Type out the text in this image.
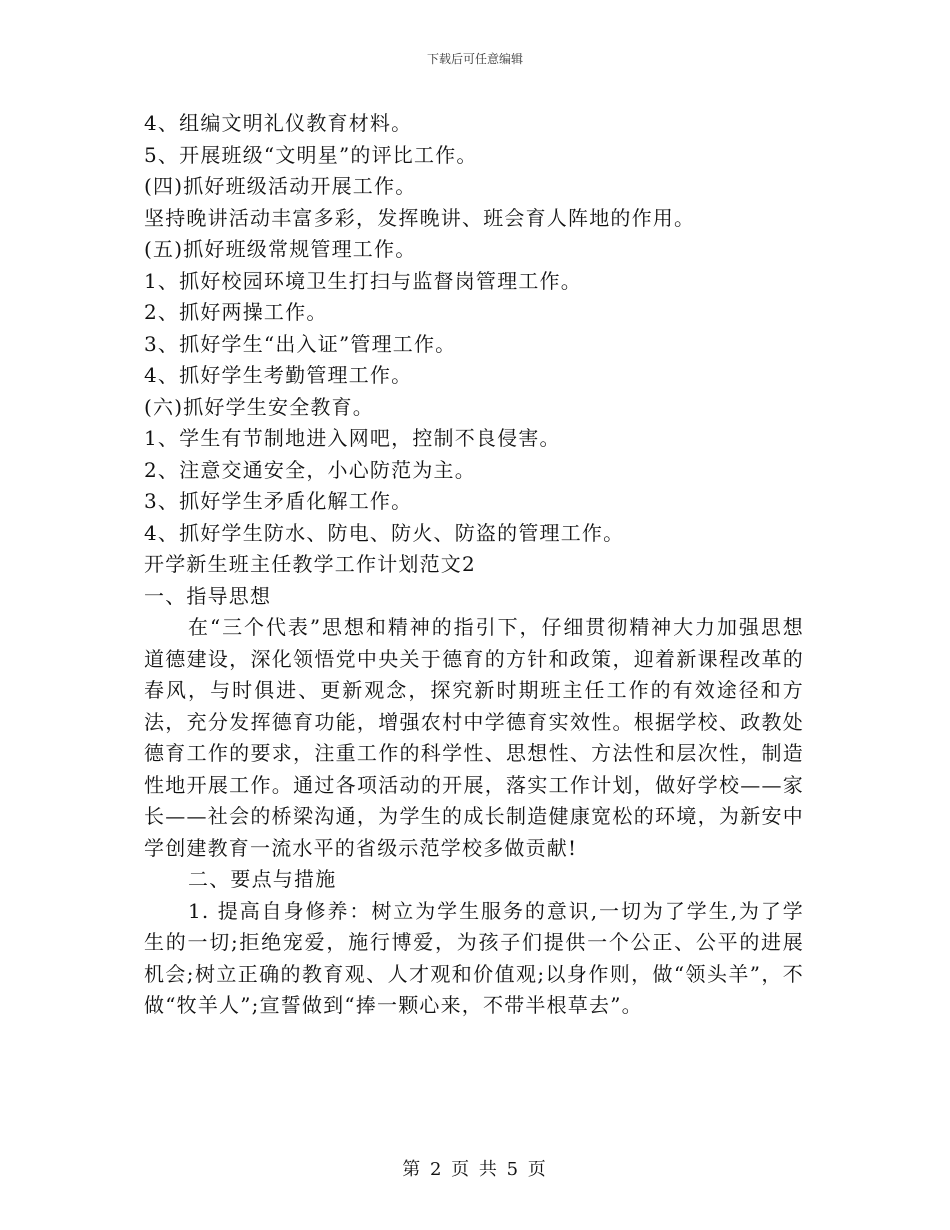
下载后可任意编辑
4、组编文明礼仪教育材料。
5、开展班级“文明星”的评比工作。
(四)抓好班级活动开展工作。
坚持晚讲活动丰富多彩，发挥晚讲、班会育人阵地的作用。
(五)抓好班级常规管理工作。
1、抓好校园环境卫生打扫与监督岗管理工作。
2、抓好两操工作。
3、抓好学生“出入证”管理工作。
4、抓好学生考勤管理工作。
(六)抓好学生安全教育。
1、学生有节制地进入网吧，控制不良侵害。
2、注意交通安全，小心防范为主。
3、抓好学生矛盾化解工作。
4、抓好学生防水、防电、防火、防盗的管理工作。
开学新生班主任教学工作计划范文2
一、指导思想
在“三个代表”思想和精神的指引下，仔细贯彻精神大力加强思想道德建设，深化领悟党中央关于德育的方针和政策，迎着新课程改革的春风，与时俱进、更新观念，探究新时期班主任工作的有效途径和方法，充分发挥德育功能，增强农村中学德育实效性。根据学校、政教处德育工作的要求，注重工作的科学性、思想性、方法性和层次性，制造性地开展工作。通过各项活动的开展，落实工作计划，做好学校——家长——社会的桥梁沟通，为学生的成长制造健康宽松的环境，为新安中学创建教育一流水平的省级示范学校多做贡献!
二、要点与措施
1. 提高自身修养：树立为学生服务的意识,一切为了学生,为了学生的一切;拒绝宠爱，施行博爱，为孩子们提供一个公正、公平的进展机会;树立正确的教育观、人才观和价值观;以身作则，做“领头羊”，不做“牧羊人”;宣誓做到“捧一颗心来，不带半根草去”。
第 2 页 共 5 页
